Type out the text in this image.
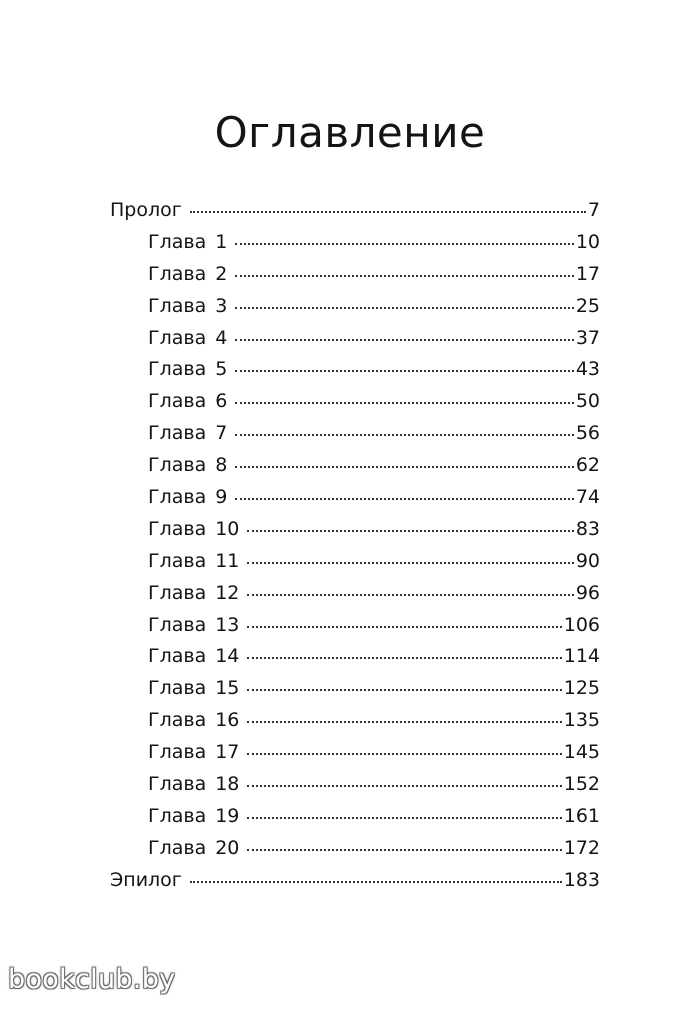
Оглавление
Пролог	7
Глава 1	10
Глава 2	17
Глава 3	25
Глава 4	37
Глава 5	43
Глава 6	50
Глава 7	56
Глава 8	62
Глава 9	74
Глава 10	83
Глава 11	90
Глава 12	96
Глава 13	106
Глава 14	114
Глава 15	125
Глава 16	135
Глава 17	145
Глава 18	152
Глава 19	161
Глава 20	172
Эпилог	183
bookclub.by
